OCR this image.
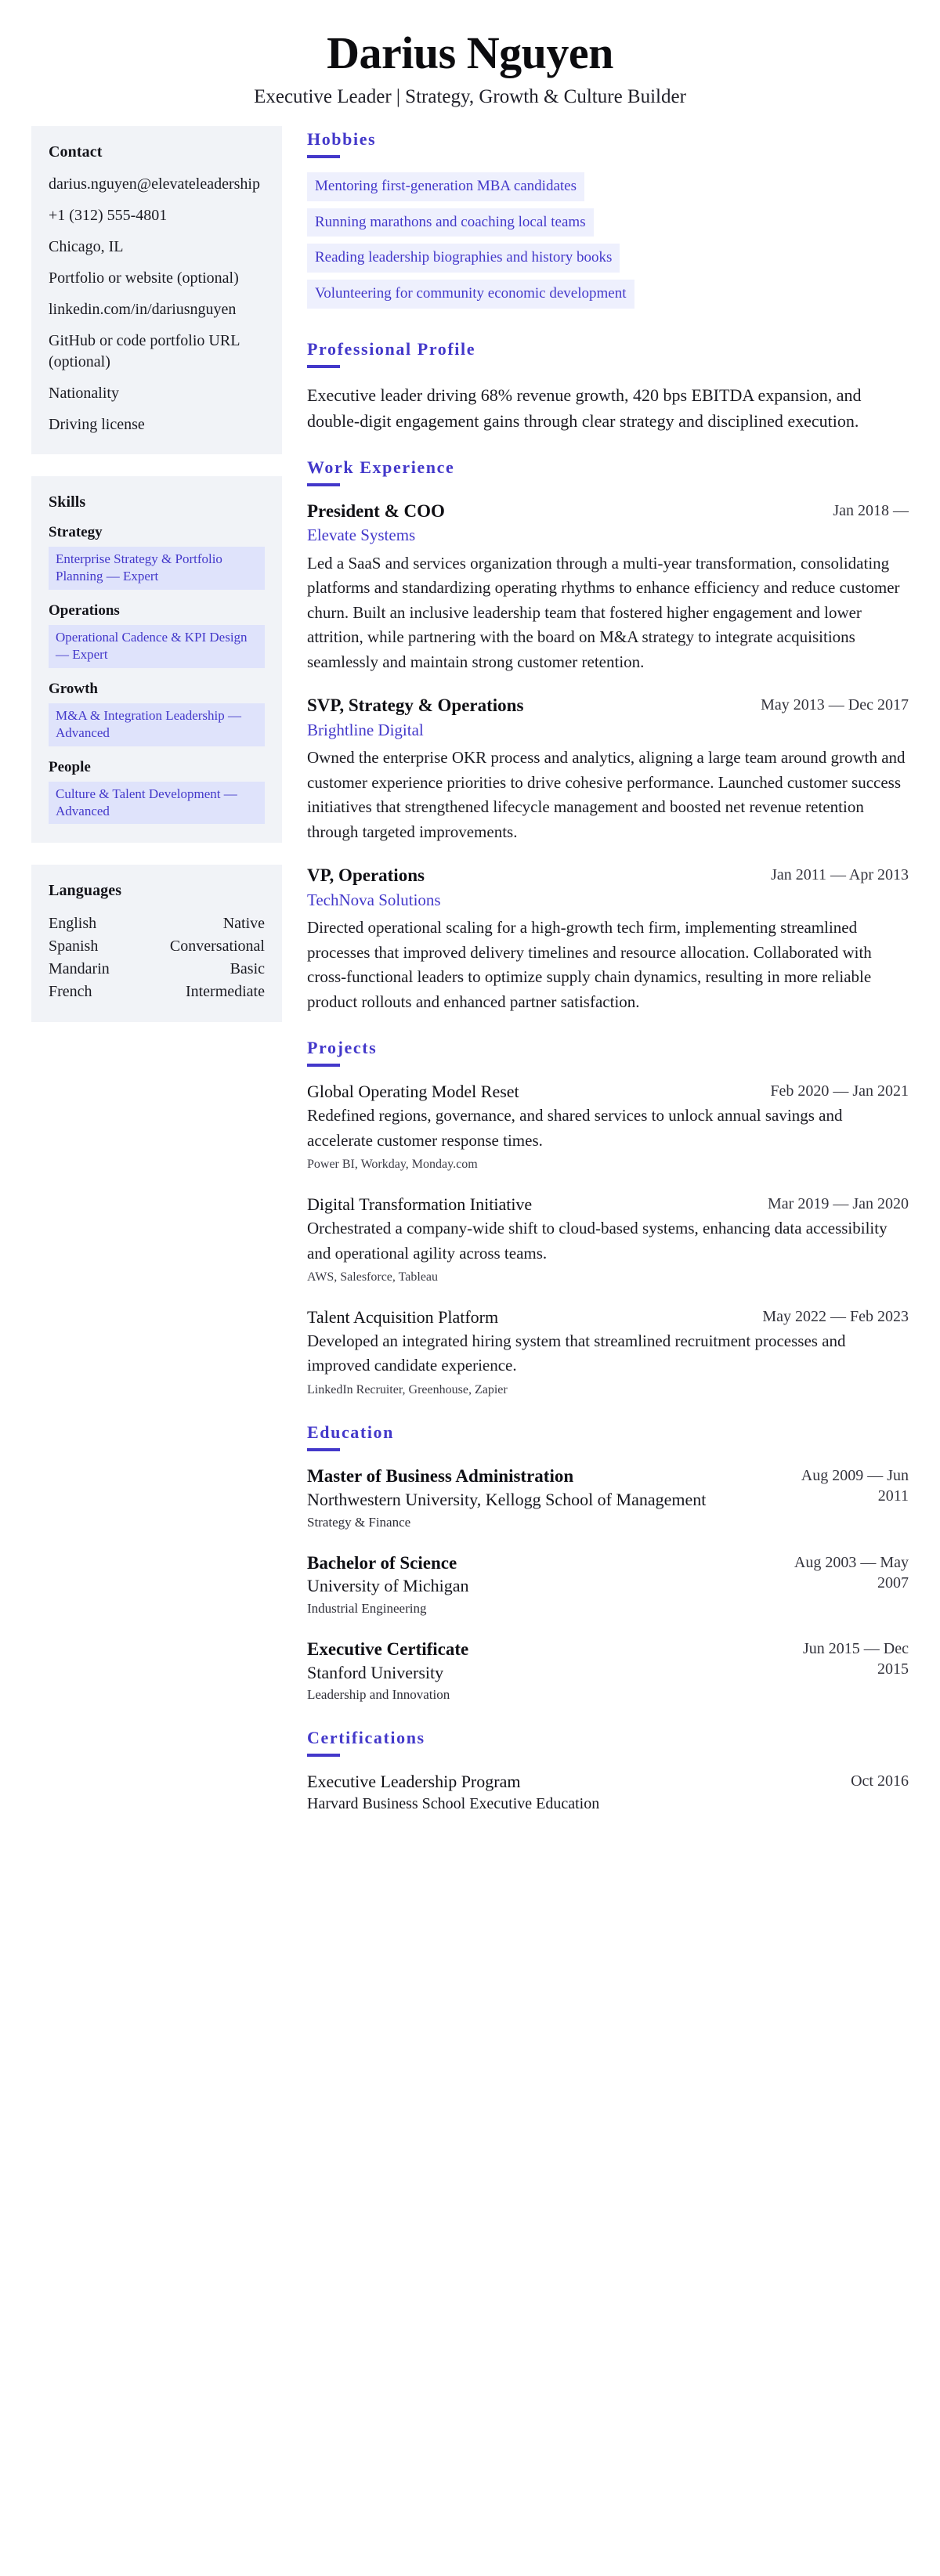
Darius Nguyen
Executive Leader | Strategy, Growth & Culture Builder
Contact
darius.nguyen@elevateleadership
+1 (312) 555-4801
Chicago, IL
Portfolio or website (optional)
linkedin.com/in/dariusnguyen
GitHub or code portfolio URL (optional)
Nationality
Driving license
Skills
Strategy
Enterprise Strategy & Portfolio Planning — Expert
Operations
Operational Cadence & KPI Design — Expert
Growth
M&A & Integration Leadership — Advanced
People
Culture & Talent Development — Advanced
Languages
English	Native
Spanish	Conversational
Mandarin	Basic
French	Intermediate
Hobbies
Mentoring first-generation MBA candidates
Running marathons and coaching local teams
Reading leadership biographies and history books
Volunteering for community economic development
Professional Profile

Executive leader driving 68% revenue growth, 420 bps EBITDA expansion, and double-digit engagement gains through clear strategy and disciplined execution.

Work Experience
President & COO	Jan 2018 —
Elevate Systems

Led a SaaS and services organization through a multi-year transformation, consolidating platforms and standardizing operating rhythms to enhance efficiency and reduce customer churn. Built an inclusive leadership team that fostered higher engagement and lower attrition, while partnering with the board on M&A strategy to integrate acquisitions seamlessly and maintain strong customer retention.

SVP, Strategy & Operations	May 2013 — Dec 2017
Brightline Digital

Owned the enterprise OKR process and analytics, aligning a large team around growth and customer experience priorities to drive cohesive performance. Launched customer success initiatives that strengthened lifecycle management and boosted net revenue retention through targeted improvements.

VP, Operations	Jan 2011 — Apr 2013
TechNova Solutions

Directed operational scaling for a high-growth tech firm, implementing streamlined processes that improved delivery timelines and resource allocation. Collaborated with cross-functional leaders to optimize supply chain dynamics, resulting in more reliable product rollouts and enhanced partner satisfaction.

Projects
Global Operating Model Reset	Feb 2020 — Jan 2021

Redefined regions, governance, and shared services to unlock annual savings and accelerate customer response times.

Power BI, Workday, Monday.com

Digital Transformation Initiative	Mar 2019 — Jan 2020

Orchestrated a company-wide shift to cloud-based systems, enhancing data accessibility and operational agility across teams.

AWS, Salesforce, Tableau

Talent Acquisition Platform	May 2022 — Feb 2023

Developed an integrated hiring system that streamlined recruitment processes and improved candidate experience.

LinkedIn Recruiter, Greenhouse, Zapier

Education
Master of Business Administration
Northwestern University, Kellogg School of Management
Aug 2009 — Jun 2011
Strategy & Finance
Bachelor of Science
University of Michigan
Aug 2003 — May 2007
Industrial Engineering
Executive Certificate
Stanford University
Jun 2015 — Dec 2015
Leadership and Innovation
Certifications
Executive Leadership Program	Oct 2016
Harvard Business School Executive Education
